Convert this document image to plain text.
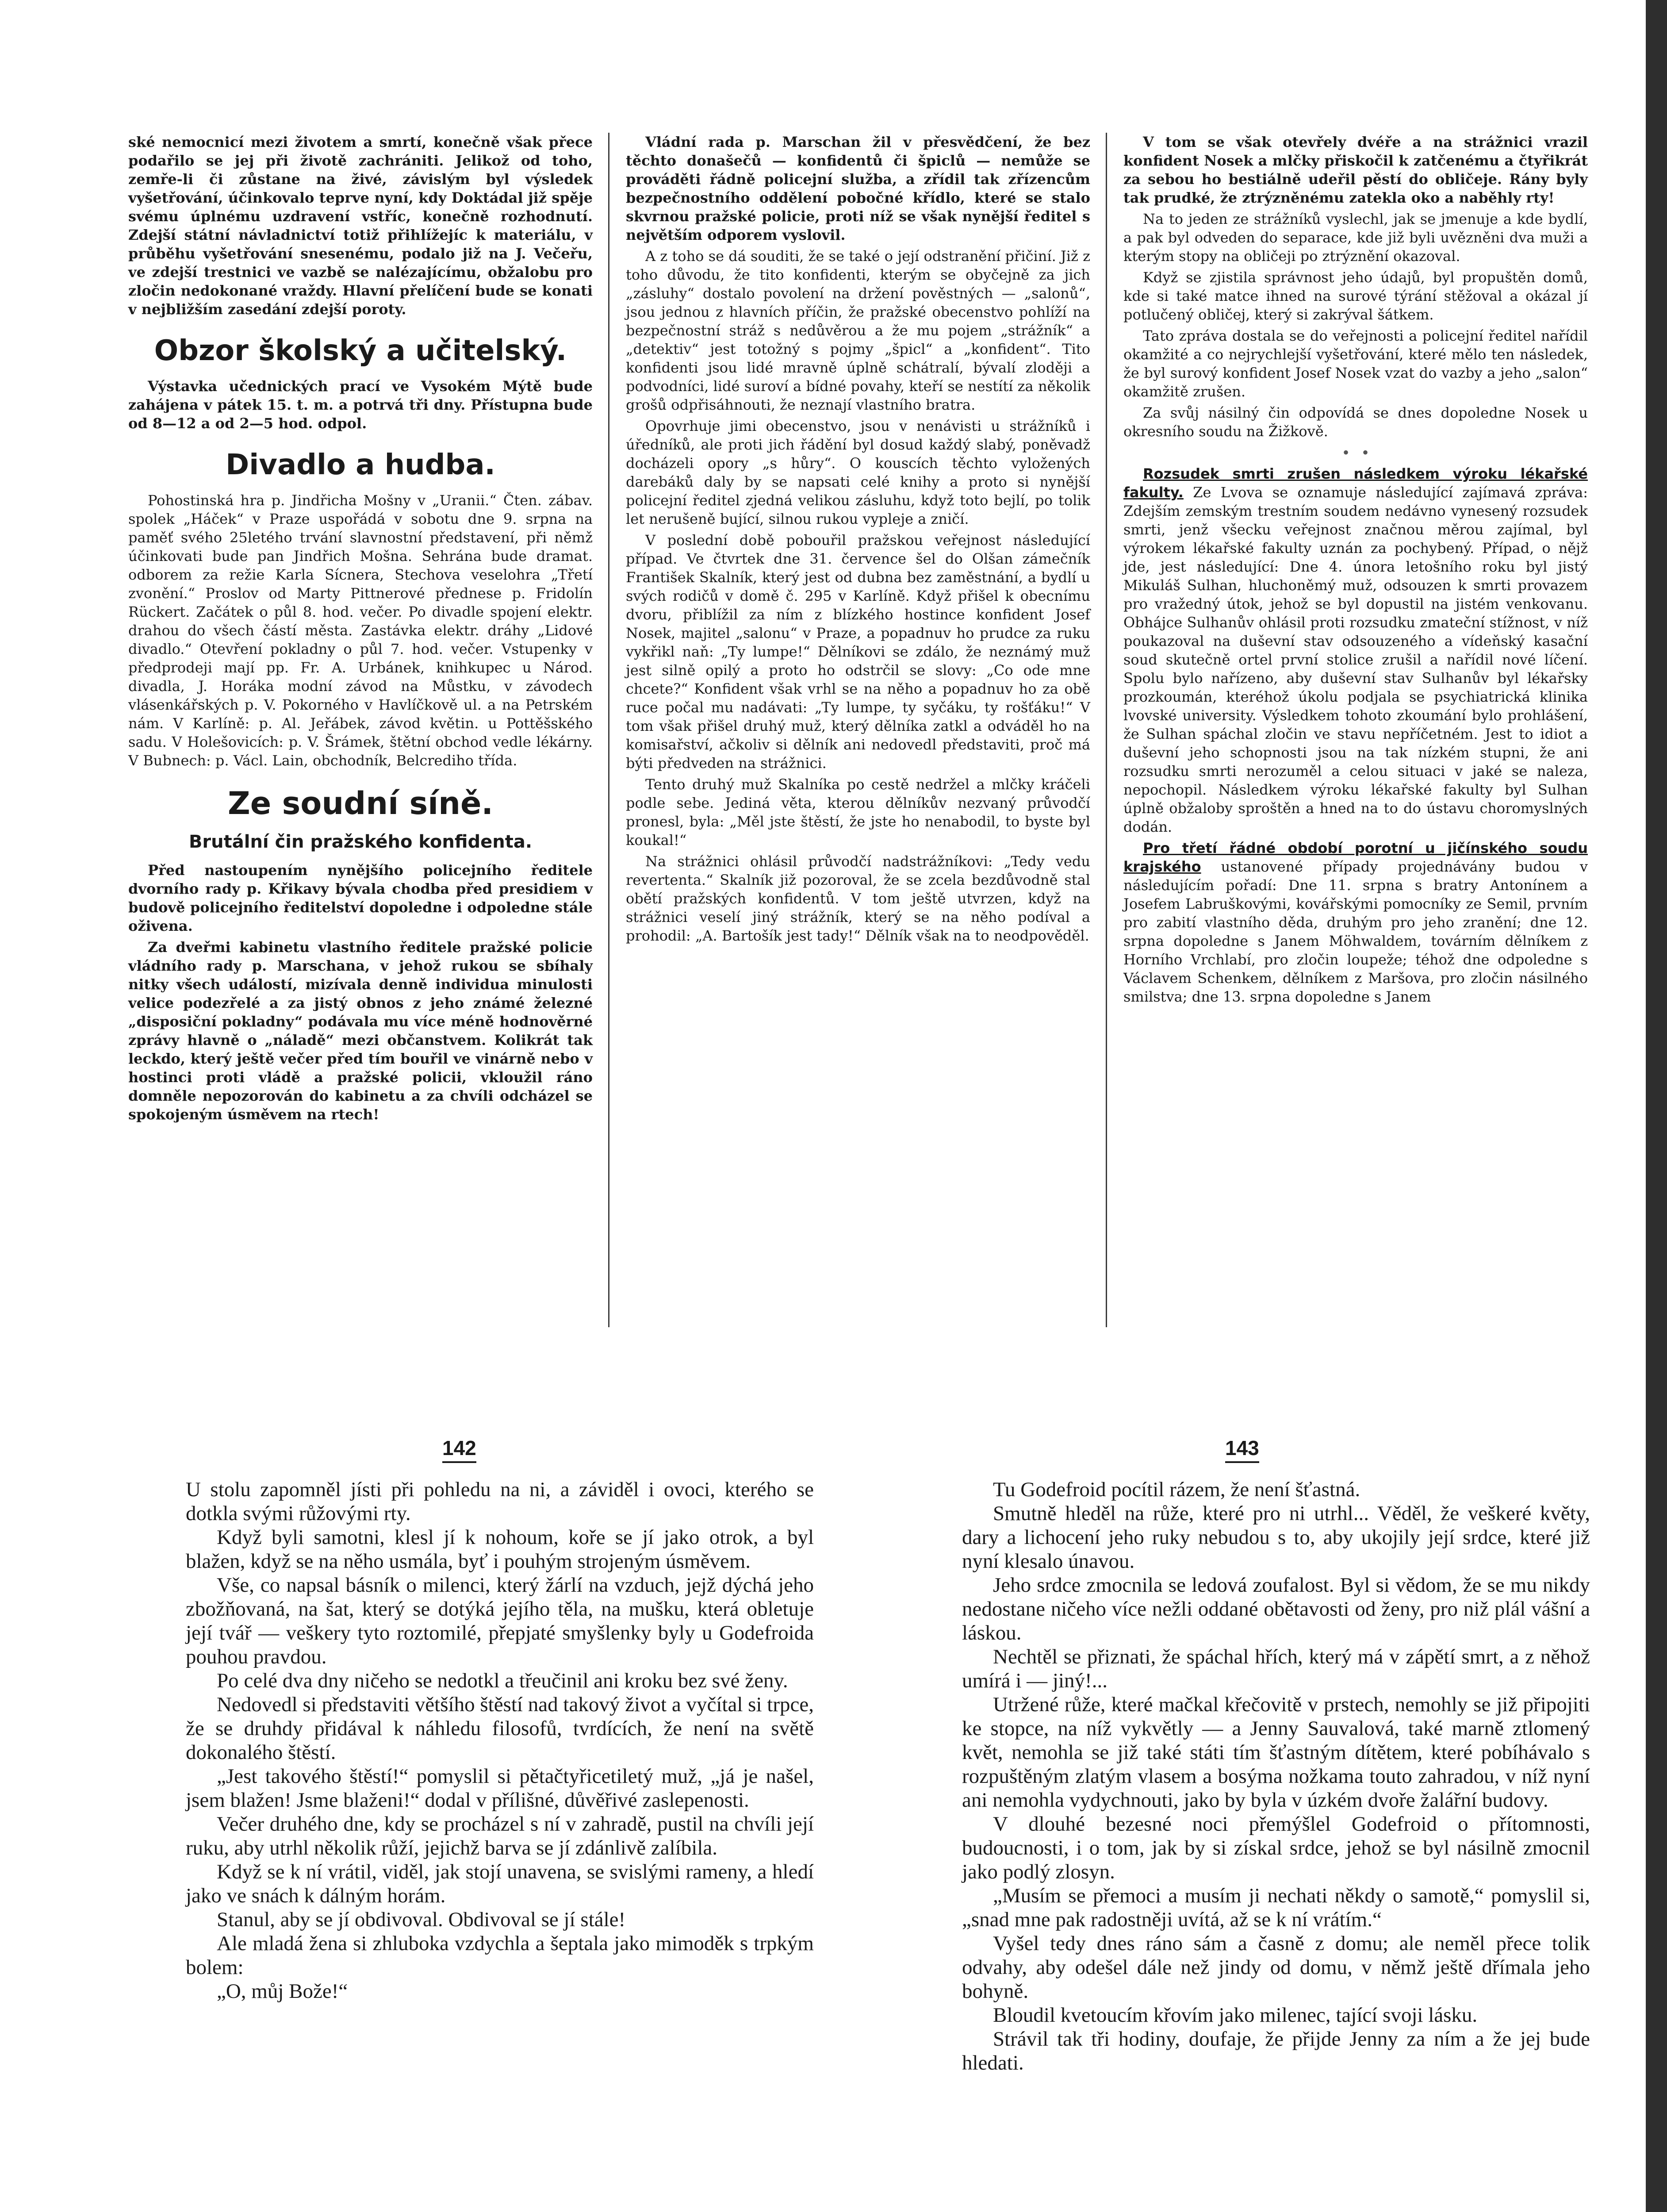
ské nemocnicí mezi životem a smrtí, konečně však přece podařilo se jej při životě zachrániti. Jelikož od toho, zemře-li či zůstane na živé, závislým byl výsledek vyšetřování, účinkovalo teprve nyní, kdy Doktádal již spěje svému úplnému uzdravení vstříc, konečně rozhodnutí. Zdejší státní návladnictví totiž přihlížejíc k materiálu, v průběhu vyšetřování snesenému, podalo již na J. Večeřu, ve zdejší trestnici ve vazbě se nalézajícímu, obžalobu pro zločin nedokonané vraždy. Hlavní přelíčení bude se konati v nejbližším zasedání zdejší poroty.

Obzor školský a učitelský.

Výstavka učednických prací ve Vysokém Mýtě bude zahájena v pátek 15. t. m. a potrvá tři dny. Přístupna bude od 8—12 a od 2—5 hod. odpol.

Divadlo a hudba.

Pohostinská hra p. Jindřicha Mošny v „Uranii.“ Čten. zábav. spolek „Háček“ v Praze uspořádá v sobotu dne 9. srpna na paměť svého 25letého trvání slavnostní představení, při němž účinkovati bude pan Jindřich Mošna. Sehrána bude dramat. odborem za režie Karla Sícnera, Stechova veselohra „Třetí zvonění.“ Proslov od Marty Pittnerové přednese p. Fridolín Rückert. Začátek o půl 8. hod. večer. Po divadle spojení elektr. drahou do všech částí města. Zastávka elektr. dráhy „Lidové divadlo.“ Otevření pokladny o půl 7. hod. večer. Vstupenky v předprodeji mají pp. Fr. A. Urbánek, knihkupec u Národ. divadla, J. Horáka modní závod na Můstku, v závodech vlásenkářských p. V. Pokorného v Havlíčkově ul. a na Petrském nám. V Karlíně: p. Al. Jeřábek, závod květin. u Pottěšského sadu. V Holešovicích: p. V. Šrámek, štětní obchod vedle lékárny. V Bubnech: p. Václ. Lain, obchodník, Belcrediho třída.

Ze soudní síně.
Brutální čin pražského konfidenta.

Před nastoupením nynějšího policejního ředitele dvorního rady p. Křikavy bývala chodba před presidiem v budově policejního ředitelství dopoledne i odpoledne stále oživena.

Za dveřmi kabinetu vlastního ředitele pražské policie vládního rady p. Marschana, v jehož rukou se sbíhaly nitky všech událostí, mizívala denně individua minulosti velice podezřelé a za jistý obnos z jeho známé železné „disposiční pokladny“ podávala mu více méně hodnověrné zprávy hlavně o „náladě“ mezi občanstvem. Kolikrát tak leckdo, který ještě večer před tím bouřil ve vinárně nebo v hostinci proti vládě a pražské policii, vkloužil ráno domněle nepozorován do kabinetu a za chvíli odcházel se spokojeným úsměvem na rtech!

Vládní rada p. Marschan žil v přesvědčení, že bez těchto donašečů — konfidentů či špiclů — nemůže se prováděti řádně policejní služba, a zřídil tak zřízencům bezpečnostního oddělení pobočné křídlo, které se stalo skvrnou pražské policie, proti níž se však nynější ředitel s největším odporem vyslovil.

A z toho se dá souditi, že se také o její odstranění přičiní. Již z toho důvodu, že tito konfidenti, kterým se obyčejně za jich „zásluhy“ dostalo povolení na držení pověstných — „salonů“, jsou jednou z hlavních příčin, že pražské obecenstvo pohlíží na bezpečnostní stráž s nedůvěrou a že mu pojem „strážník“ a „detektiv“ jest totožný s pojmy „špicl“ a „konfident“. Tito konfidenti jsou lidé mravně úplně schátralí, bývalí zloději a podvodníci, lidé suroví a bídné povahy, kteří se nestítí za několik grošů odpřisáhnouti, že neznají vlastního bratra.

Opovrhuje jimi obecenstvo, jsou v nenávisti u strážníků i úředníků, ale proti jich řádění byl dosud každý slabý, poněvadž docházeli opory „s hůry“. O kouscích těchto vyložených darebáků daly by se napsati celé knihy a proto si nynější policejní ředitel zjedná velikou zásluhu, když toto bejlí, po tolik let nerušeně bující, silnou rukou vypleje a zničí.

V poslední době pobouřil pražskou veřejnost následující případ. Ve čtvrtek dne 31. července šel do Olšan zámečník František Skalník, který jest od dubna bez zaměstnání, a bydlí u svých rodičů v domě č. 295 v Karlíně. Když přišel k obecnímu dvoru, přiblížil za ním z blízkého hostince konfident Josef Nosek, majitel „salonu“ v Praze, a popadnuv ho prudce za ruku vykřikl naň: „Ty lumpe!“ Dělníkovi se zdálo, že neznámý muž jest silně opilý a proto ho odstrčil se slovy: „Co ode mne chcete?“ Konfident však vrhl se na něho a popadnuv ho za obě ruce počal mu nadávati: „Ty lumpe, ty syčáku, ty rošťáku!“ V tom však přišel druhý muž, který dělníka zatkl a odváděl ho na komisařství, ačkoliv si dělník ani nedovedl představiti, proč má býti předveden na strážnici.

Tento druhý muž Skalníka po cestě nedržel a mlčky kráčeli podle sebe. Jediná věta, kterou dělníkův nezvaný průvodčí pronesl, byla: „Měl jste štěstí, že jste ho nenabodil, to byste byl koukal!“

Na strážnici ohlásil průvodčí nadstrážníkovi: „Tedy vedu revertenta.“ Skalník již pozoroval, že se zcela bezdůvodně stal obětí pražských konfidentů. V tom ještě utvrzen, když na strážnici veselí jiný strážník, který se na něho podíval a prohodil: „A. Bartošík jest tady!“ Dělník však na to neodpověděl.

V tom se však otevřely dvéře a na strážnici vrazil konfident Nosek a mlčky přiskočil k zatčenému a čtyřikrát za sebou ho bestiálně udeřil pěstí do obličeje. Rány byly tak prudké, že ztrýzněnému zatekla oko a naběhly rty!

Na to jeden ze strážníků vyslechl, jak se jmenuje a kde bydlí, a pak byl odveden do separace, kde již byli uvězněni dva muži a kterým stopy na obličeji po ztrýznění okazoval.

Když se zjistila správnost jeho údajů, byl propuštěn domů, kde si také matce ihned na surové týrání stěžoval a okázal jí potlučený obličej, který si zakrýval šátkem.

Tato zpráva dostala se do veřejnosti a policejní ředitel nařídil okamžité a co nejrychlejší vyšetřování, které mělo ten následek, že byl surový konfident Josef Nosek vzat do vazby a jeho „salon“ okamžitě zrušen.

Za svůj násilný čin odpovídá se dnes dopoledne Nosek u okresního soudu na Žižkově.

•   •

Rozsudek smrti zrušen následkem výroku lékařské fakulty. Ze Lvova se oznamuje následující zajímavá zpráva: Zdejším zemským trestním soudem nedávno vynesený rozsudek smrti, jenž všecku veřejnost značnou měrou zajímal, byl výrokem lékařské fakulty uznán za pochybený. Případ, o nějž jde, jest následující: Dne 4. února letošního roku byl jistý Mikuláš Sulhan, hluchoněmý muž, odsouzen k smrti provazem pro vražedný útok, jehož se byl dopustil na jistém venkovanu. Obhájce Sulhanův ohlásil proti rozsudku zmateční stížnost, v níž poukazoval na duševní stav odsouzeného a vídeňský kasační soud skutečně ortel první stolice zrušil a nařídil nové líčení. Spolu bylo nařízeno, aby duševní stav Sulhanův byl lékařsky prozkoumán, kteréhož úkolu podjala se psychiatrická klinika lvovské university. Výsledkem tohoto zkoumání bylo prohlášení, že Sulhan spáchal zločin ve stavu nepříčetném. Jest to idiot a duševní jeho schopnosti jsou na tak nízkém stupni, že ani rozsudku smrti nerozuměl a celou situaci v jaké se naleza, nepochopil. Následkem výroku lékařské fakulty byl Sulhan úplně obžaloby sproštěn a hned na to do ústavu choromyslných dodán.

Pro třetí řádné období porotní u jičínského soudu krajského ustanovené případy projednávány budou v následujícím pořadí: Dne 11. srpna s bratry Antonínem a Josefem Labruškovými, kovářskými pomocníky ze Semil, prvním pro zabití vlastního děda, druhým pro jeho zranění; dne 12. srpna dopoledne s Janem Möhwaldem, továrním dělníkem z Horního Vrchlabí, pro zločin loupeže; téhož dne odpoledne s Václavem Schenkem, dělníkem z Maršova, pro zločin násilného smilstva; dne 13. srpna dopoledne s Janem

142	143

U stolu zapomněl jísti při pohledu na ni, a záviděl i ovoci, kterého se dotkla svými růžovými rty.

Když byli samotni, klesl jí k nohoum, koře se jí jako otrok, a byl blažen, když se na něho usmála, byť i pouhým strojeným úsměvem.

Vše, co napsal básník o milenci, který žárlí na vzduch, jejž dýchá jeho zbožňovaná, na šat, který se dotýká jejího těla, na mušku, která obletuje její tvář — veškery tyto roztomilé, přepjaté smyšlenky byly u Godefroida pouhou pravdou.

Po celé dva dny ničeho se nedotkl a třeučinil ani kroku bez své ženy.

Nedovedl si představiti většího štěstí nad takový život a vyčítal si trpce, že se druhdy přidával k náhledu filosofů, tvrdících, že není na světě dokonalého štěstí.

„Jest takového štěstí!“ pomyslil si pětačtyřicetiletý muž, „já je našel, jsem blažen! Jsme blaženi!“ dodal v přílišné, důvěřivé zaslepenosti.

Večer druhého dne, kdy se procházel s ní v zahradě, pustil na chvíli její ruku, aby utrhl několik růží, jejichž barva se jí zdánlivě zalíbila.

Když se k ní vrátil, viděl, jak stojí unavena, se svislými rameny, a hledí jako ve snách k dálným horám.

Stanul, aby se jí obdivoval. Obdivoval se jí stále!

Ale mladá žena si zhluboka vzdychla a šeptala jako mimoděk s trpkým bolem:

„O, můj Bože!“

Tu Godefroid pocítil rázem, že není šťastná.

Smutně hleděl na růže, které pro ni utrhl... Věděl, že veškeré květy, dary a lichocení jeho ruky nebudou s to, aby ukojily její srdce, které již nyní klesalo únavou.

Jeho srdce zmocnila se ledová zoufalost. Byl si vědom, že se mu nikdy nedostane ničeho více nežli oddané obětavosti od ženy, pro niž plál vášní a láskou.

Nechtěl se přiznati, že spáchal hřích, který má v zápětí smrt, a z něhož umírá i — jiný!...

Utržené růže, které mačkal křečovitě v prstech, nemohly se již připojiti ke stopce, na níž vykvětly — a Jenny Sauvalová, také marně ztlomený květ, nemohla se již také státi tím šťastným dítětem, které pobíhávalo s rozpuštěným zlatým vlasem a bosýma nožkama touto zahradou, v níž nyní ani nemohla vydychnouti, jako by byla v úzkém dvoře žalářní budovy.

V dlouhé bezesné noci přemýšlel Godefroid o přítomnosti, budoucnosti, i o tom, jak by si získal srdce, jehož se byl násilně zmocnil jako podlý zlosyn.

„Musím se přemoci a musím ji nechati někdy o samotě,“ pomyslil si, „snad mne pak radostněji uvítá, až se k ní vrátím.“

Vyšel tedy dnes ráno sám a časně z domu; ale neměl přece tolik odvahy, aby odešel dále než jindy od domu, v němž ještě dřímala jeho bohyně.

Bloudil kvetoucím křovím jako milenec, tající svoji lásku.

Strávil tak tři hodiny, doufaje, že přijde Jenny za ním a že jej bude hledati.
